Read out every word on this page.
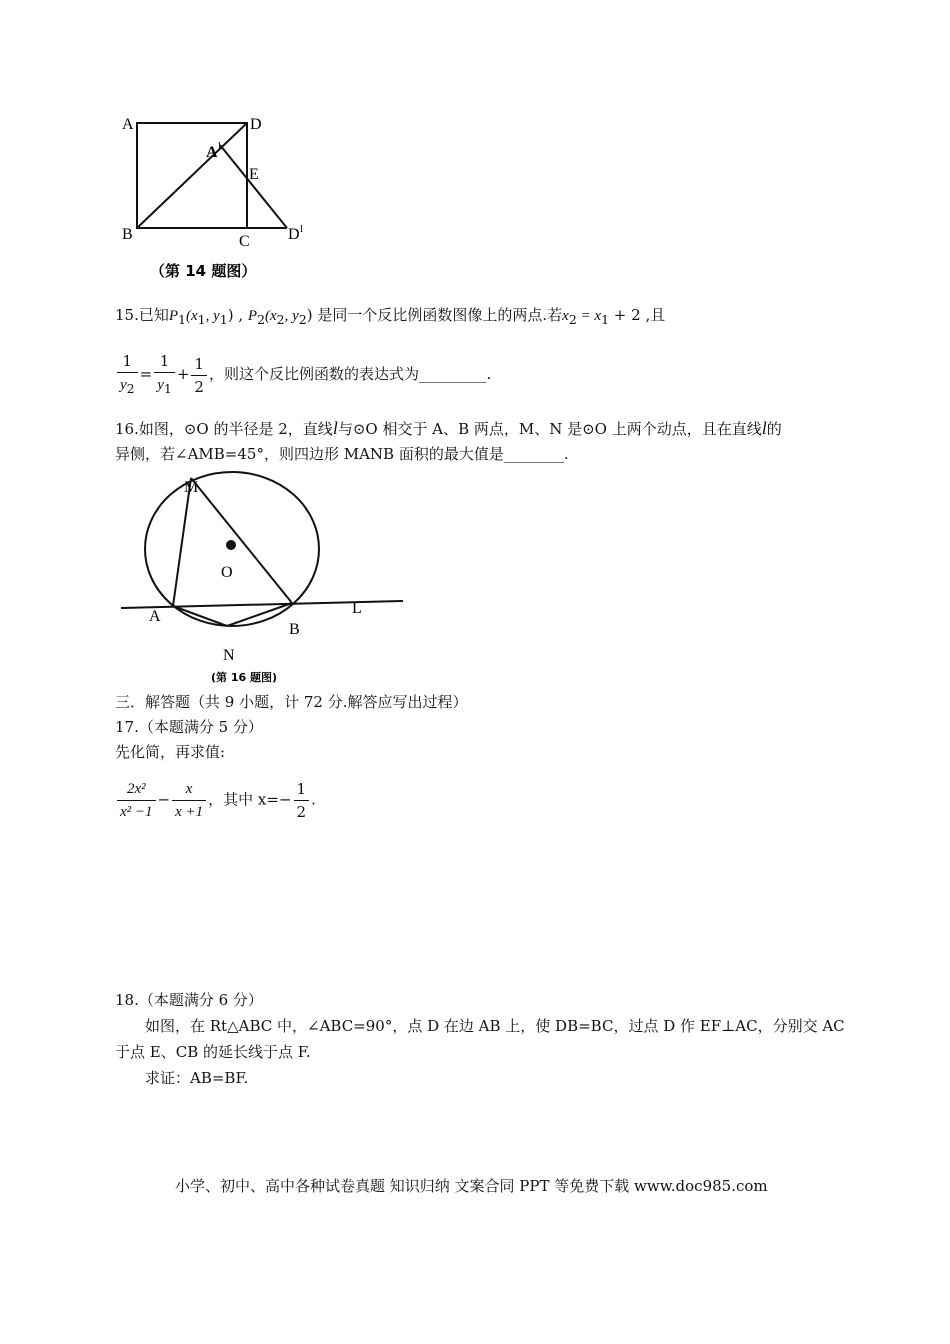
A	D
A l
E
B	C D l
（第 14 题图）
15.已知$P_1(x_1$, $y_1$) , $P_2(x_2$, $y_2$) 是同一个反比例函数图像上的两点.若$x_2 = x_1 + 2$ ,且
$\frac{1}{y_2} = \frac{1}{y_1} + \frac{1}{2}$ ，则这个反比例函数的表达式为_________.
16.如图，⊙O 的半径是 2，直线l与⊙O 相交于 A、B 两点，M、N 是⊙O 上两个动点，且在直线l的
异侧，若∠AMB=45°，则四边形 MANB 面积的最大值是________.
M
O
A
B
L
N
(第 16 题图)
三．解答题（共 9 小题，计 72 分.解答应写出过程）
17.（本题满分 5 分）
先化简，再求值:
$\frac{\text{2x²}}{\text{x² −1}} - \frac{x}{x +1}$ ，其中 $x=- \frac{1}{2}$ .
18.（本题满分 6 分）
如图，在 Rt△ABC 中，∠ABC=90°，点 D 在边 AB 上，使 DB=BC，过点 D 作 EF⊥AC，分别交 AC
于点 E、CB 的延长线于点 F.
求证：AB=BF.
小学、初中、高中各种试卷真题 知识归纳 文案合同 PPT 等免费下载 www.doc985.com
